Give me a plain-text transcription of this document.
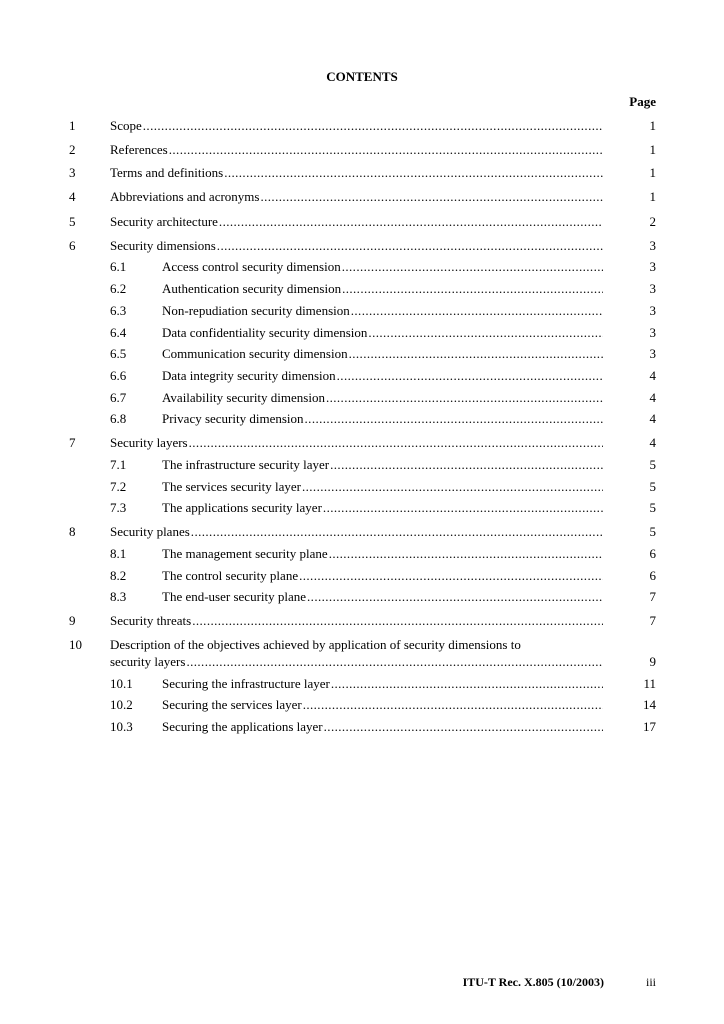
CONTENTS
Page
1	Scope .....	1
2	References .....	1
3	Terms and definitions .....	1
4	Abbreviations and acronyms .....	1
5	Security architecture .....	2
6	Security dimensions .....	3
6.1	Access control security dimension .....	3
6.2	Authentication security dimension .....	3
6.3	Non-repudiation security dimension .....	3
6.4	Data confidentiality security dimension .....	3
6.5	Communication security dimension .....	3
6.6	Data integrity security dimension .....	4
6.7	Availability security dimension .....	4
6.8	Privacy security dimension .....	4
7	Security layers .....	4
7.1	The infrastructure security layer .....	5
7.2	The services security layer .....	5
7.3	The applications security layer .....	5
8	Security planes .....	5
8.1	The management security plane .....	6
8.2	The control security plane .....	6
8.3	The end-user security plane .....	7
9	Security threats .....	7
10 Description of the objectives achieved by application of security dimensions to
security layers .....	9
10.1 Securing the infrastructure layer .....	11
10.2 Securing the services layer .....	14
10.3 Securing the applications layer .....	17
ITU-T Rec. X.805 (10/2003)	iii
